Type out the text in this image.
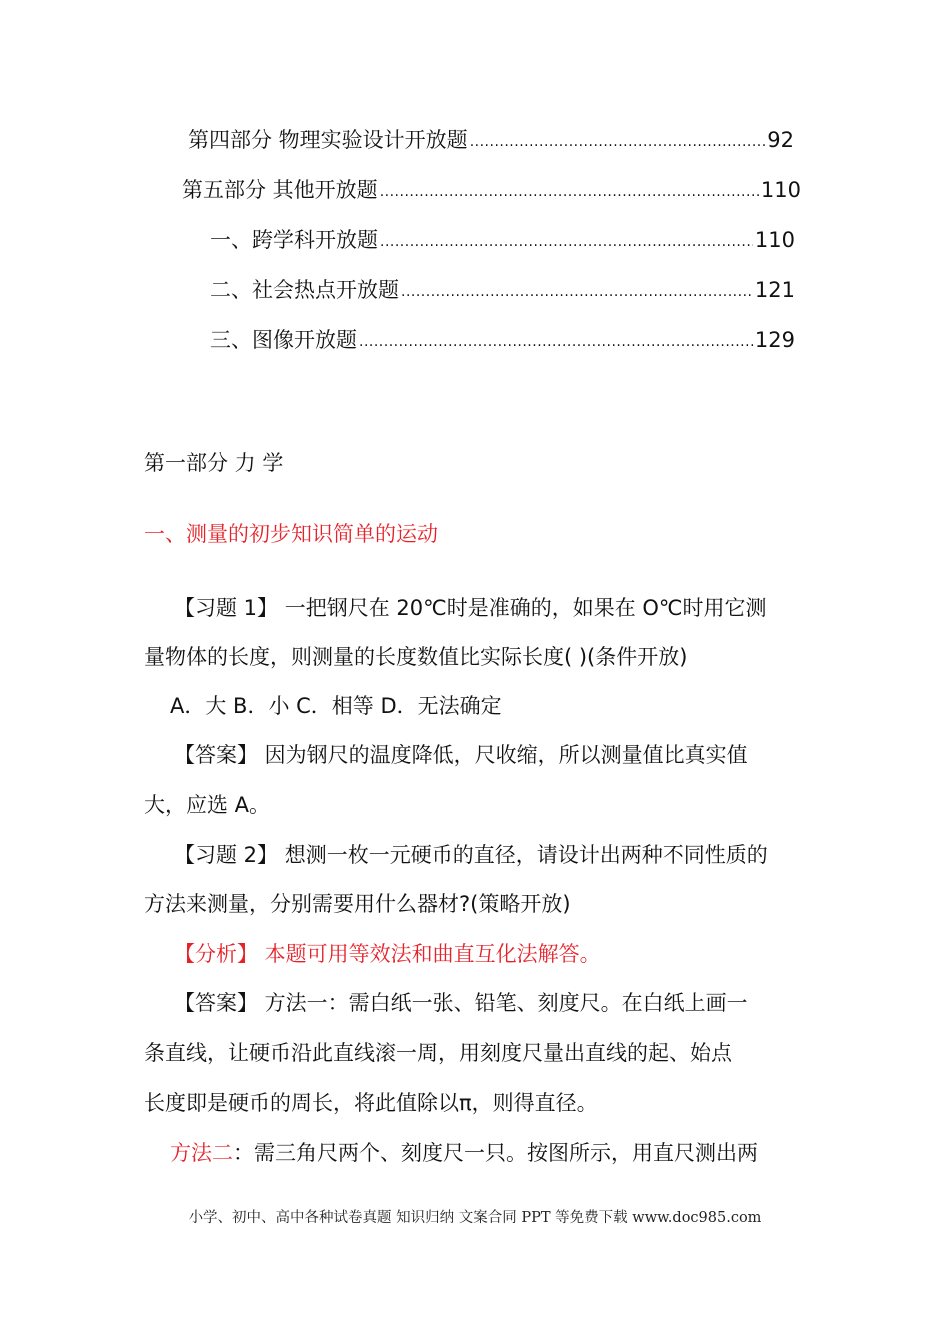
第四部分 物理实验设计开放题 .....	92
第五部分 其他开放题 .....	110
一、跨学科开放题 .....	110
二、社会热点开放题 .....	121
三、图像开放题 .....	129
第一部分 力 学
一、测量的初步知识简单的运动
【习题 1】 一把钢尺在 20℃时是准确的，如果在 O℃时用它测
量物体的长度，则测量的长度数值比实际长度( )(条件开放)
A．大 B．小 C．相等 D．无法确定
【答案】 因为钢尺的温度降低，尺收缩，所以测量值比真实值
大，应选 A。
【习题 2】 想测一枚一元硬币的直径，请设计出两种不同性质的
方法来测量，分别需要用什么器材?(策略开放)
【分析】 本题可用等效法和曲直互化法解答。
【答案】 方法一：需白纸一张、铅笔、刻度尺。在白纸上画一
条直线，让硬币沿此直线滚一周，用刻度尺量出直线的起、始点
长度即是硬币的周长，将此值除以π，则得直径。
方法二：需三角尺两个、刻度尺一只。按图所示，用直尺测出两
小学、初中、高中各种试卷真题 知识归纳 文案合同 PPT 等免费下载 www.doc985.com
